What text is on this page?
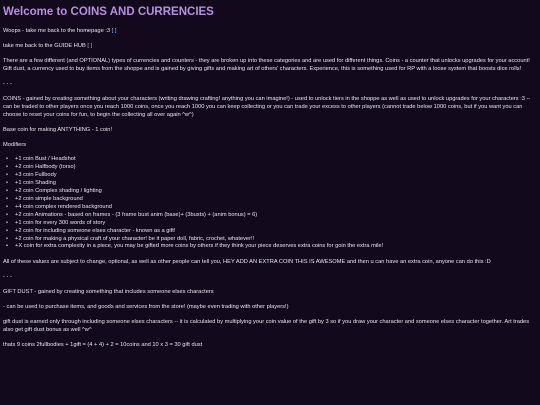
Welcome to COINS AND CURRENCIES

Woops - take me back to the homepage :3 [ ]

take me back to the GUIDE HUB [ ]

There are a few different (and OPTIONAL) types of currencies and counters - they are broken up into these categories and are used for different things. Coins - a counter that unlocks upgrades for your account! Gift dust, a currency used to buy items from the shoppe and is gained by giving gifts and making art of others' characters. Experience, this is something used for RP with a loose system that boosts dice rolls!

- - -

COINS - gained by creating something about your characters (writing drawing crafting! anything you can imagine!) - used to unlock tiers in the shoppe as well as used to unlock upgrades for your characters :3 -- can be traded to other players once you reach 1000 coins, once you reach 1000 you can keep collecting or you can trade your excess to other players (cannot trade below 1000 coins, but if you want you can choose to reset your coins for fun, to begin the collecting all over again ^w^)

Base coin for making ANTYTHING - 1 coin!

Modifiers

• +1 coin Bust / Headshot
• +2 coin Halfbody (torso)
• +3 coin Fullbody
• +1 coin Shading
• +2 coin Complex shading / lighting
• +2 coin simple background
• +4 coin complex rendered background
• +2 coin Animations - based on frames - (3 frame bust anim (base)+ (3busts) + (anim bonus) = 6)
• +1 coin for every 300 words of story
• +2 coin for including someone elses character - known as a gift!
• +2 coin for making a physical craft of your character! be it paper doll, fabric, crochet, whatever!!
• +X coin for extra complexity in a piece, you may be gifted more coins by others if they think your piece deserves extra coins for goin the extra mile!

All of these values are subject to change, optional, as well as other people can tell you, HEY ADD AN EXTRA COIN THIS IS AWESOME and then u can have an extra coin, anyone can do this :D

- - -

GIFT DUST - gained by creating something that includes someone elses characters

- can be used to purchase items, and goods and services from the store! (maybe even trading with other players!)

gift dust is earned only through including someone elses characters -- it is calculated by multiplying your coin value of the gift by 3 so if you draw your character and someone elses character together. Art trades also get gift dust bonus as well ^w^

thats 9 coins 2fullbodies + 1gift = (4 + 4) + 2 = 10coins and 10 x 3 = 30 gift dust
